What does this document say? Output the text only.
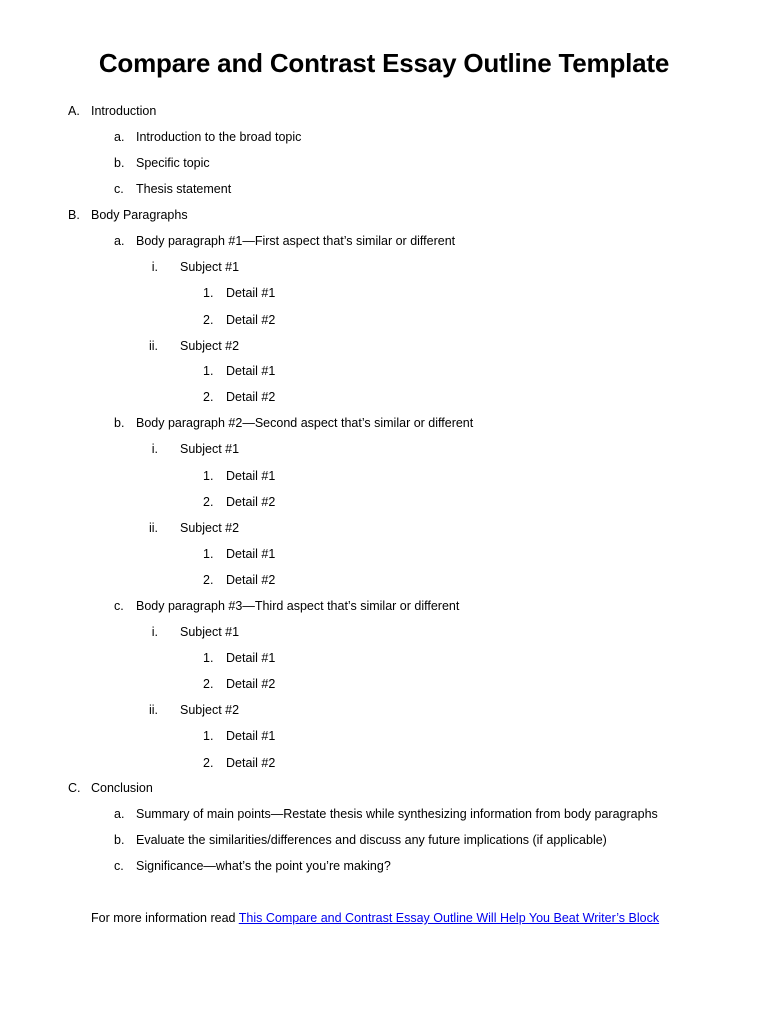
Compare and Contrast Essay Outline Template
A. Introduction
a. Introduction to the broad topic
b. Specific topic
c. Thesis statement
B. Body Paragraphs
a. Body paragraph #1—First aspect that’s similar or different
i. Subject #1
1. Detail #1
2. Detail #2
ii. Subject #2
1. Detail #1
2. Detail #2
b. Body paragraph #2—Second aspect that’s similar or different
i. Subject #1
1. Detail #1
2. Detail #2
ii. Subject #2
1. Detail #1
2. Detail #2
c. Body paragraph #3—Third aspect that’s similar or different
i. Subject #1
1. Detail #1
2. Detail #2
ii. Subject #2
1. Detail #1
2. Detail #2
C. Conclusion
a. Summary of main points—Restate thesis while synthesizing information from body paragraphs
b. Evaluate the similarities/differences and discuss any future implications (if applicable)
c. Significance—what’s the point you’re making?
For more information read This Compare and Contrast Essay Outline Will Help You Beat Writer’s Block
